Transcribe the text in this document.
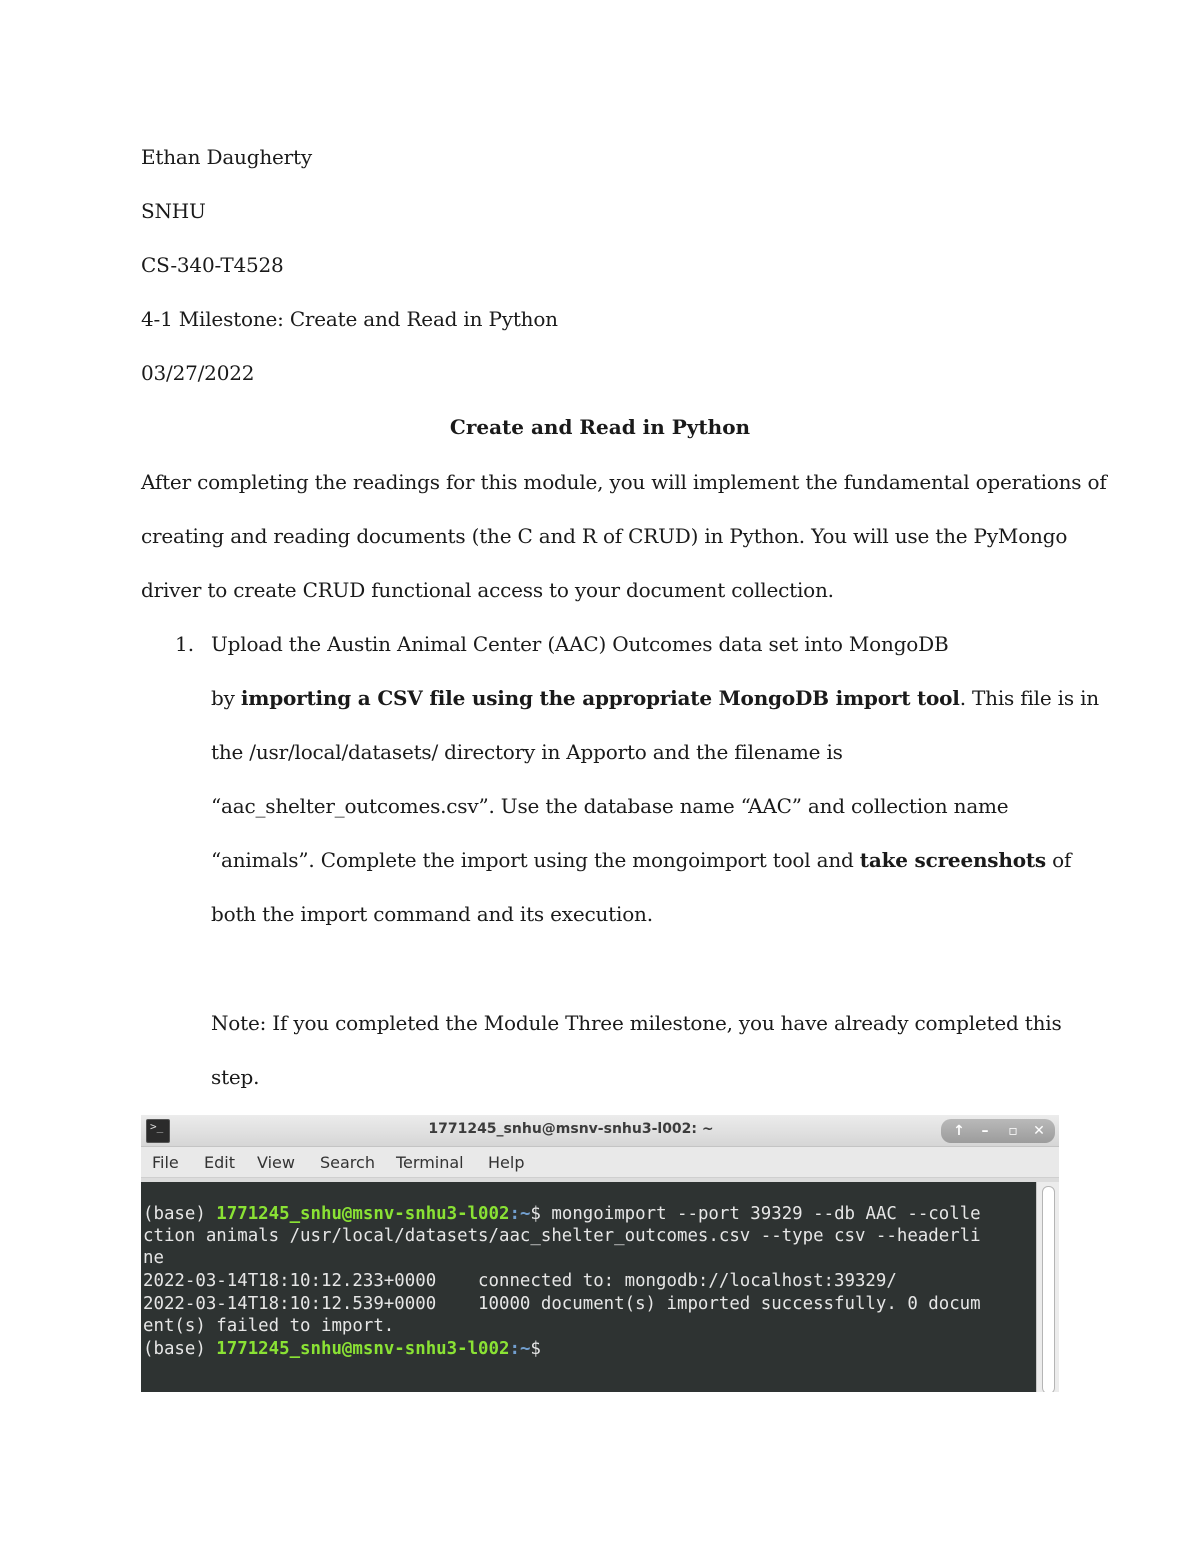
Ethan Daugherty
SNHU
CS-340-T4528
4-1 Milestone: Create and Read in Python
03/27/2022
Create and Read in Python
After completing the readings for this module, you will implement the fundamental operations of
creating and reading documents (the C and R of CRUD) in Python. You will use the PyMongo
driver to create CRUD functional access to your document collection.
1. Upload the Austin Animal Center (AAC) Outcomes data set into MongoDB
by importing a CSV file using the appropriate MongoDB import tool. This file is in
the /usr/local/datasets/ directory in Apporto and the filename is
“aac_shelter_outcomes.csv”. Use the database name “AAC” and collection name
“animals”. Complete the import using the mongoimport tool and take screenshots of
both the import command and its execution.
Note: If you completed the Module Three milestone, you have already completed this
step.
>_	1771245_snhu@msnv-snhu3-l002: ~	↑	–	▫	✕
File Edit View Search Terminal Help
(base) 1771245_snhu@msnv-snhu3-l002:~$ mongoimport --port 39329 --db AAC --colle
ction animals /usr/local/datasets/aac_shelter_outcomes.csv --type csv --headerli
ne
2022-03-14T18:10:12.233+0000    connected to: mongodb://localhost:39329/
2022-03-14T18:10:12.539+0000    10000 document(s) imported successfully. 0 docum
ent(s) failed to import.
(base) 1771245_snhu@msnv-snhu3-l002:~$
